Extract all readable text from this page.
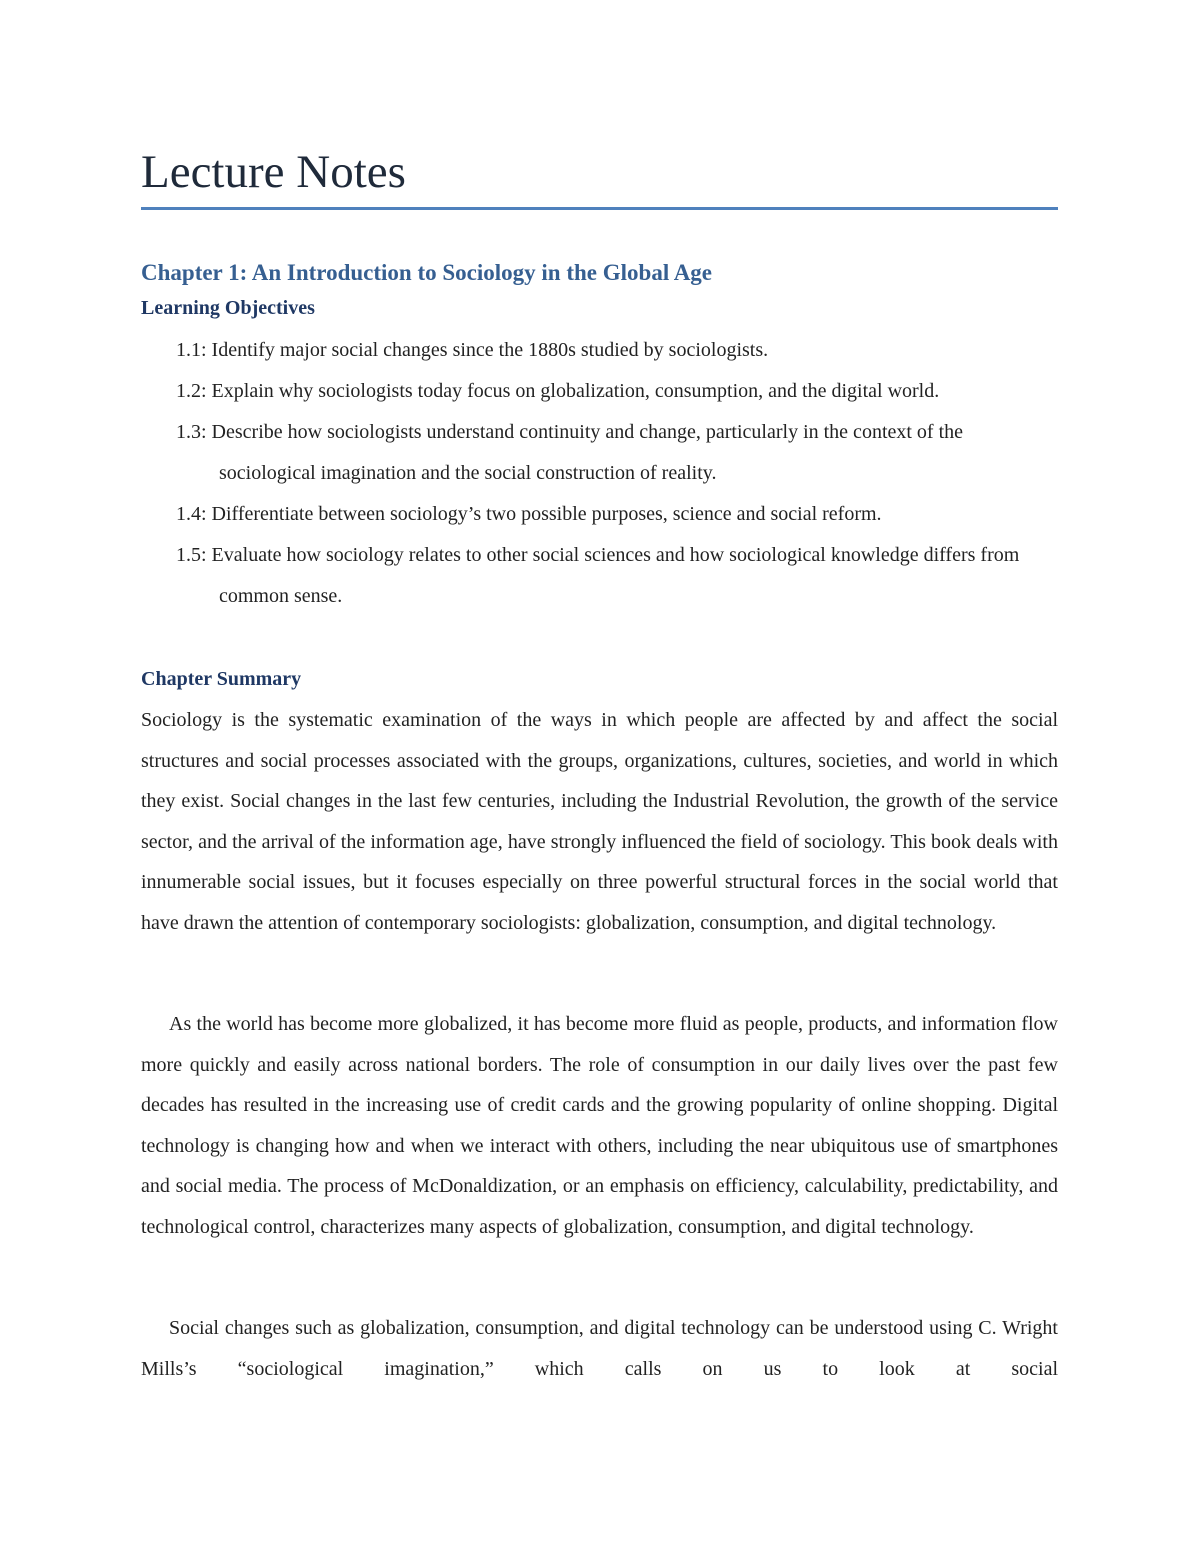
Lecture Notes
Chapter 1: An Introduction to Sociology in the Global Age
Learning Objectives
1.1: Identify major social changes since the 1880s studied by sociologists.
1.2: Explain why sociologists today focus on globalization, consumption, and the digital world.
1.3: Describe how sociologists understand continuity and change, particularly in the context of the sociological imagination and the social construction of reality.
1.4: Differentiate between sociology’s two possible purposes, science and social reform.
1.5: Evaluate how sociology relates to other social sciences and how sociological knowledge differs from common sense.
Chapter Summary

Sociology is the systematic examination of the ways in which people are affected by and affect the social structures and social processes associated with the groups, organizations, cultures, societies, and world in which they exist. Social changes in the last few centuries, including the Industrial Revolution, the growth of the service sector, and the arrival of the information age, have strongly influenced the field of sociology. This book deals with innumerable social issues, but it focuses especially on three powerful structural forces in the social world that have drawn the attention of contemporary sociologists: globalization, consumption, and digital technology.

As the world has become more globalized, it has become more fluid as people, products, and information flow more quickly and easily across national borders. The role of consumption in our daily lives over the past few decades has resulted in the increasing use of credit cards and the growing popularity of online shopping. Digital technology is changing how and when we interact with others, including the near ubiquitous use of smartphones and social media. The process of McDonaldization, or an emphasis on efficiency, calculability, predictability, and technological control, characterizes many aspects of globalization, consumption, and digital technology.

Social changes such as globalization, consumption, and digital technology can be understood using C. Wright Mills’s “sociological imagination,” which calls on us to look at social
